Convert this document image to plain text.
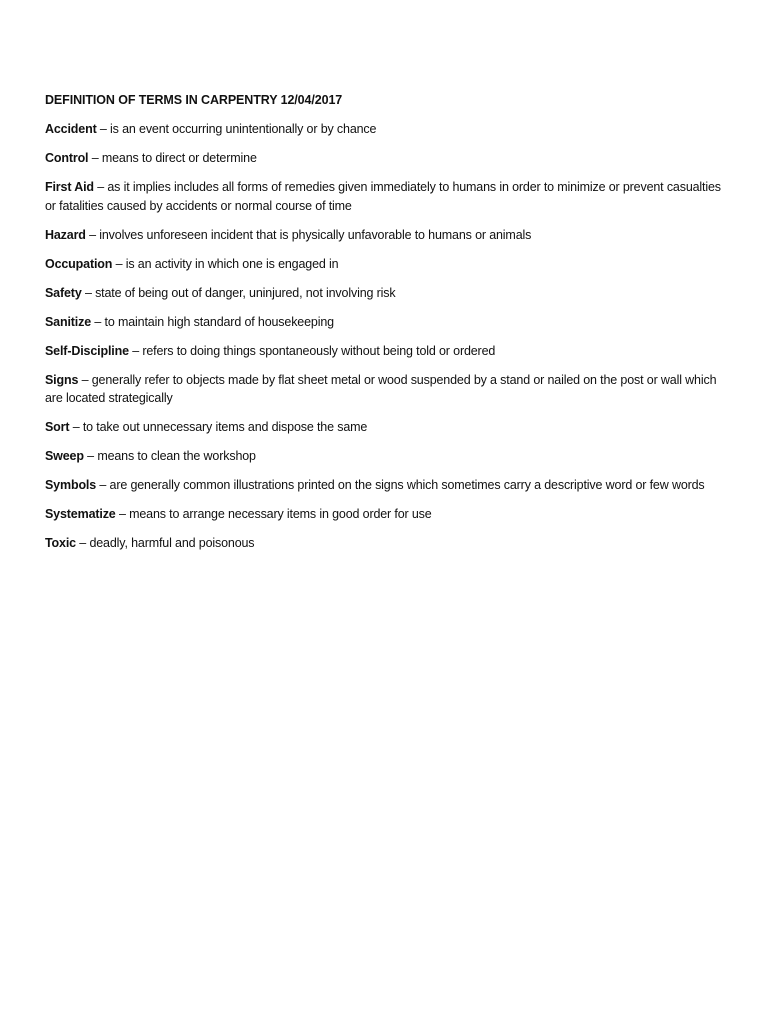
DEFINITION OF TERMS IN CARPENTRY 12/04/2017
Accident – is an event occurring unintentionally or by chance
Control – means to direct or determine
First Aid – as it implies includes all forms of remedies given immediately to humans in order to minimize or prevent casualties or fatalities caused by accidents or normal course of time
Hazard – involves unforeseen incident that is physically unfavorable to humans or animals
Occupation – is an activity in which one is engaged in
Safety – state of being out of danger, uninjured, not involving risk
Sanitize – to maintain high standard of housekeeping
Self-Discipline – refers to doing things spontaneously without being told or ordered
Signs – generally refer to objects made by flat sheet metal or wood suspended by a stand or nailed on the post or wall which are located strategically
Sort – to take out unnecessary items and dispose the same
Sweep – means to clean the workshop
Symbols – are generally common illustrations printed on the signs which sometimes carry a descriptive word or few words
Systematize – means to arrange necessary items in good order for use
Toxic – deadly, harmful and poisonous
